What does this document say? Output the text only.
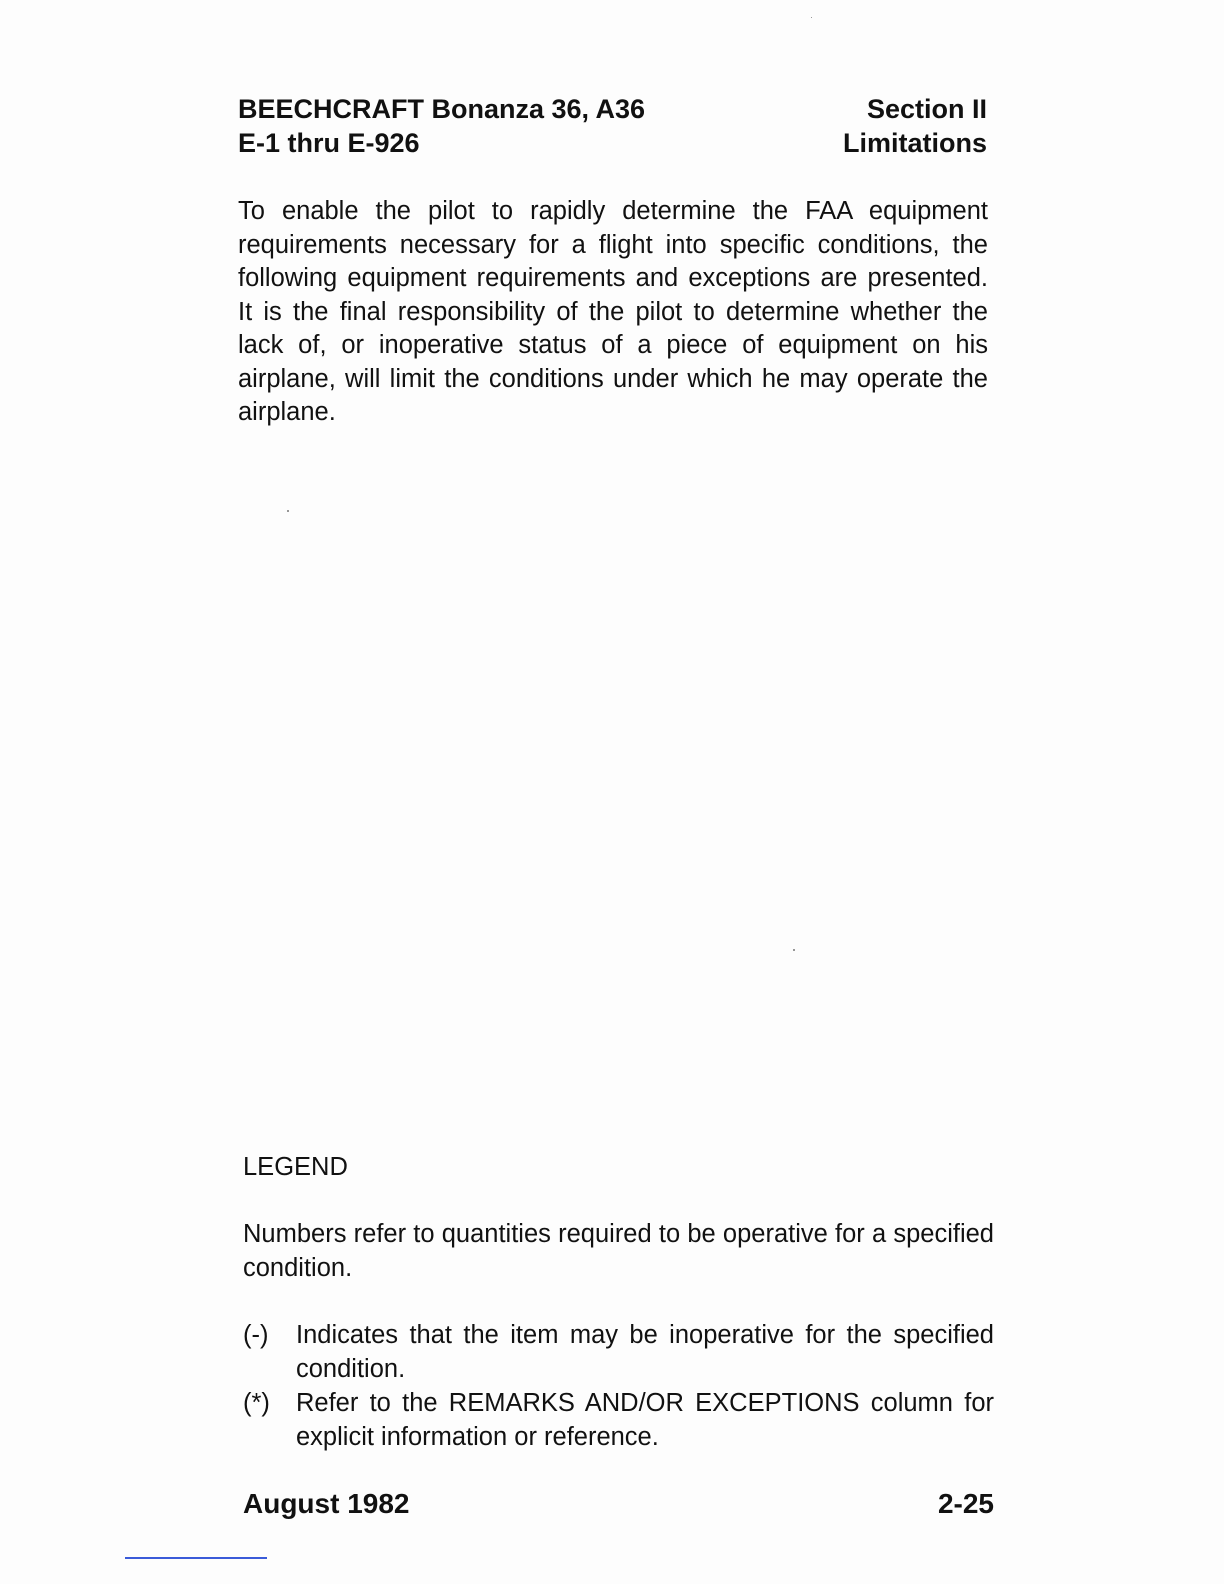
BEECHCRAFT Bonanza 36, A36
E-1 thru E-926
Section II
Limitations

To enable the pilot to rapidly determine the FAA equipment requirements necessary for a flight into specific conditions, the following equipment requirements and exceptions are presented. It is the final responsibility of the pilot to determine whether the lack of, or inoperative status of a piece of equipment on his airplane, will limit the conditions under which he may operate the airplane.

LEGEND

Numbers refer to quantities required to be operative for a specified condition.

(-)	Indicates that the item may be inoperative for the specified condition.
(*)	Refer to the REMARKS AND/OR EXCEPTIONS column for explicit information or reference.
August 1982	2-25
